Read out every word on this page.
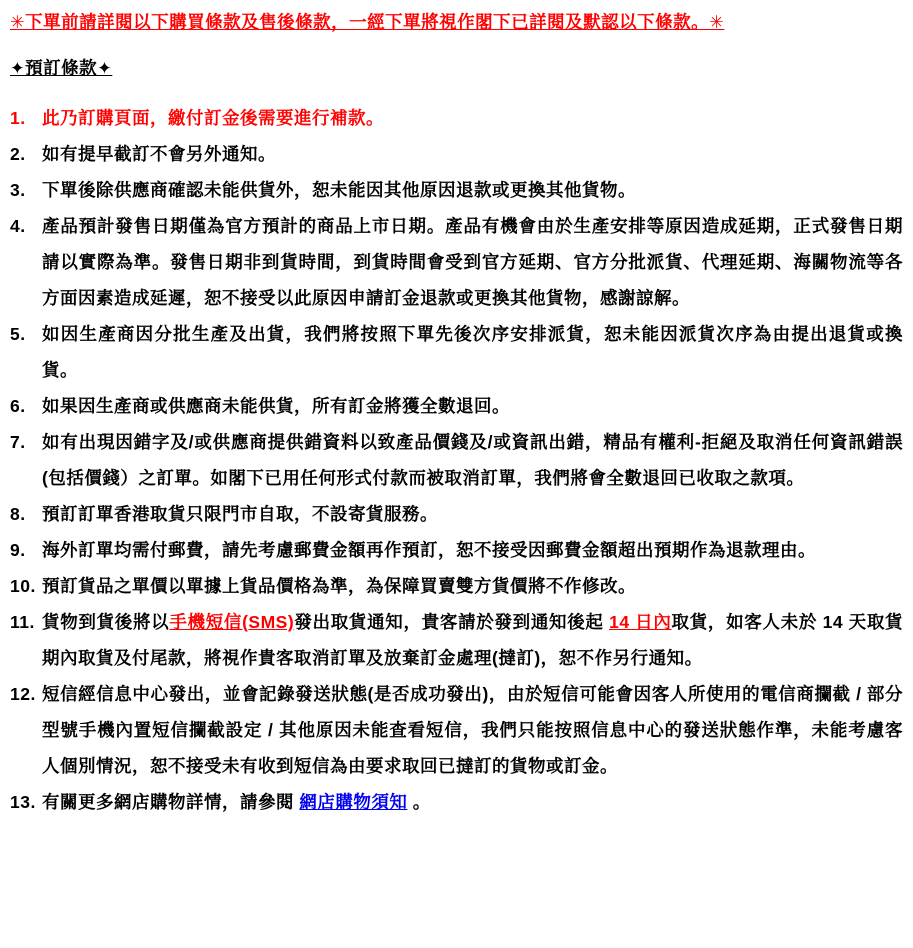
✳下單前請詳閱以下購買條款及售後條款，一經下單將視作閣下已詳閱及默認以下條款。✳
✦預訂條款✦
1. 此乃訂購頁面，繳付訂金後需要進行補款。
2. 如有提早截訂不會另外通知。
3. 下單後除供應商確認未能供貨外，恕未能因其他原因退款或更換其他貨物。
4. 產品預計發售日期僅為官方預計的商品上市日期。產品有機會由於生產安排等原因造成延期，正式發售日期請以實際為準。發售日期非到貨時間，到貨時間會受到官方延期、官方分批派貨、代理延期、海關物流等各方面因素造成延遲，恕不接受以此原因申請訂金退款或更換其他貨物，感謝諒解。
5. 如因生產商因分批生產及出貨，我們將按照下單先後次序安排派貨，恕未能因派貨次序為由提出退貨或換貨。
6. 如果因生產商或供應商未能供貨，所有訂金將獲全數退回。
7. 如有出現因錯字及/或供應商提供錯資料以致產品價錢及/或資訊出錯，精品有權利-拒絕及取消任何資訊錯誤(包括價錢）之訂單。如閣下已用任何形式付款而被取消訂單，我們將會全數退回已收取之款項。
8. 預訂訂單香港取貨只限門市自取，不設寄貨服務。
9. 海外訂單均需付郵費，請先考慮郵費金額再作預訂，恕不接受因郵費金額超出預期作為退款理由。
10. 預訂貨品之單價以單據上貨品價格為準，為保障買賣雙方貨價將不作修改。
11. 貨物到貨後將以手機短信(SMS)發出取貨通知，貴客請於發到通知後起 14 日內取貨，如客人未於 14 天取貨期內取貨及付尾款，將視作貴客取消訂單及放棄訂金處理(撻訂)，恕不作另行通知。
12. 短信經信息中心發出，並會記錄發送狀態(是否成功發出)，由於短信可能會因客人所使用的電信商攔截 / 部分型號手機內置短信攔截設定 / 其他原因未能查看短信，我們只能按照信息中心的發送狀態作準，未能考慮客人個別情況，恕不接受未有收到短信為由要求取回已撻訂的貨物或訂金。
13. 有關更多網店購物詳情，請參閱 網店購物須知 。
